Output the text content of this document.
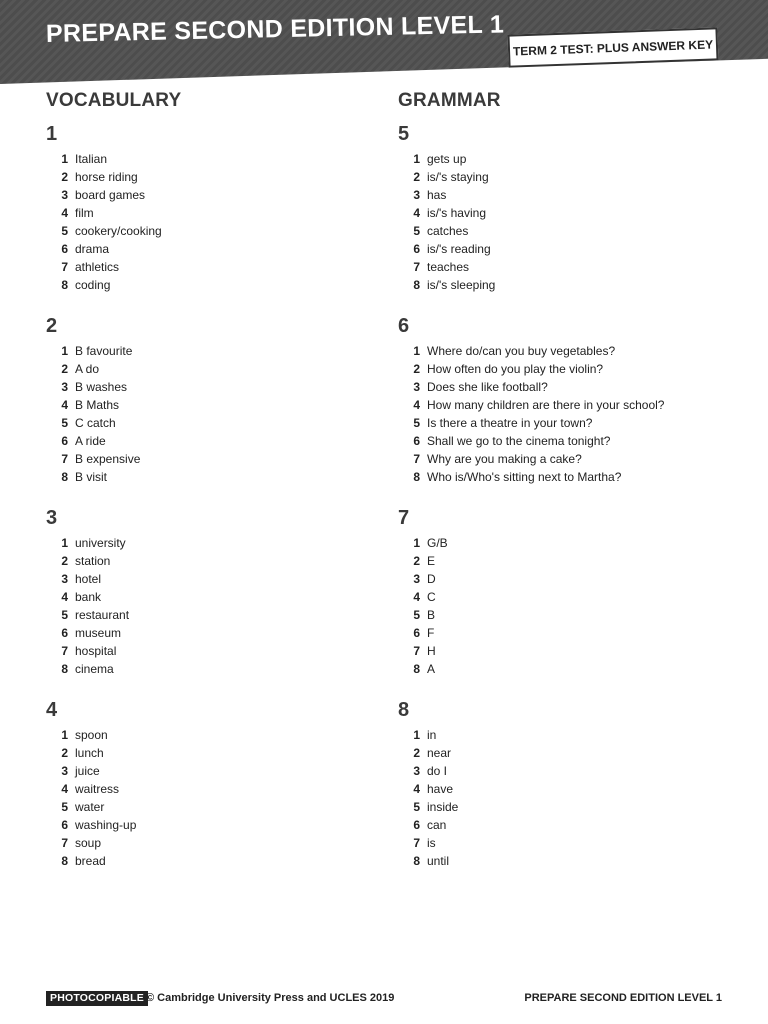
PREPARE SECOND EDITION LEVEL 1 TERM 2 TEST: PLUS ANSWER KEY
VOCABULARY
1
1 Italian
2 horse riding
3 board games
4 film
5 cookery/cooking
6 drama
7 athletics
8 coding
2
1 B favourite
2 A do
3 B washes
4 B Maths
5 C catch
6 A ride
7 B expensive
8 B visit
3
1 university
2 station
3 hotel
4 bank
5 restaurant
6 museum
7 hospital
8 cinema
4
1 spoon
2 lunch
3 juice
4 waitress
5 water
6 washing-up
7 soup
8 bread
GRAMMAR
5
1 gets up
2 is/'s staying
3 has
4 is/'s having
5 catches
6 is/'s reading
7 teaches
8 is/'s sleeping
6
1 Where do/can you buy vegetables?
2 How often do you play the violin?
3 Does she like football?
4 How many children are there in your school?
5 Is there a theatre in your town?
6 Shall we go to the cinema tonight?
7 Why are you making a cake?
8 Who is/Who's sitting next to Martha?
7
1 G/B
2 E
3 D
4 C
5 B
6 F
7 H
8 A
8
1 in
2 near
3 do I
4 have
5 inside
6 can
7 is
8 until
PHOTOCOPIABLE © Cambridge University Press and UCLES 2019	PREPARE SECOND EDITION LEVEL 1
